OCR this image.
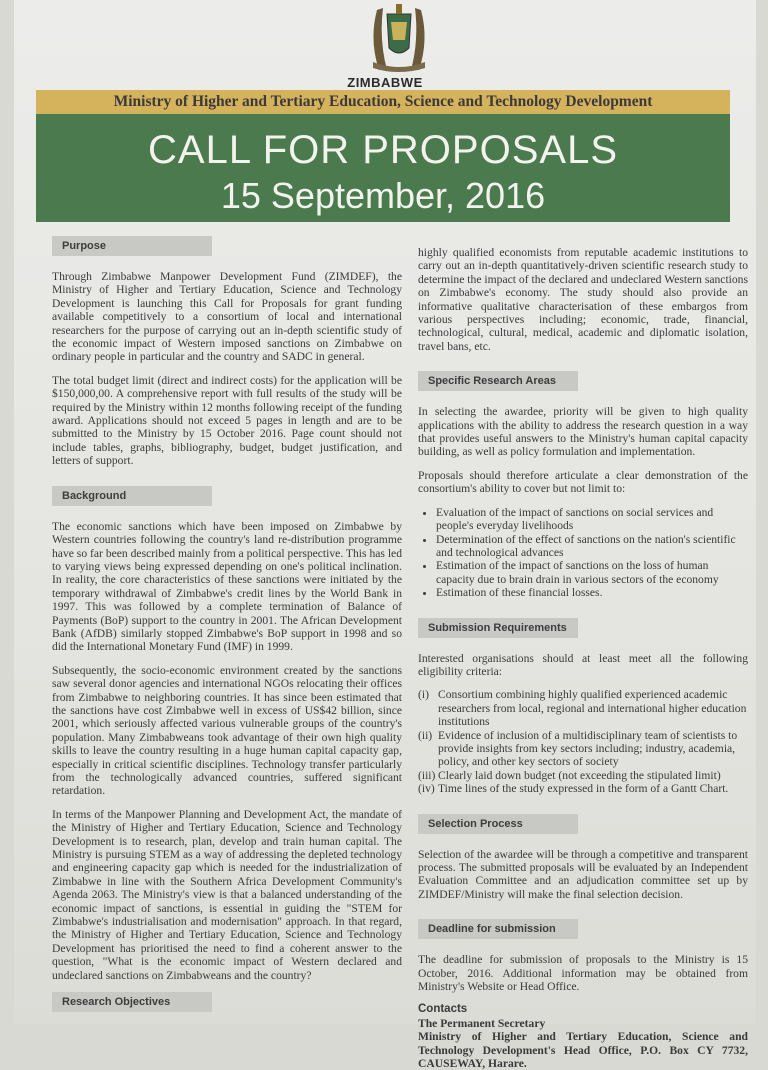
ZIMBABWE
Ministry of Higher and Tertiary Education, Science and Technology Development
CALL FOR PROPOSALS
15 September, 2016
Purpose

Through Zimbabwe Manpower Development Fund (ZIMDEF), the Ministry of Higher and Tertiary Education, Science and Technology Development is launching this Call for Proposals for grant funding available competitively to a consortium of local and international researchers for the purpose of carrying out an in-depth scientific study of the economic impact of Western imposed sanctions on Zimbabwe on ordinary people in particular and the country and SADC in general.

The total budget limit (direct and indirect costs) for the application will be $150,000,00. A comprehensive report with full results of the study will be required by the Ministry within 12 months following receipt of the funding award. Applications should not exceed 5 pages in length and are to be submitted to the Ministry by 15 October 2016. Page count should not include tables, graphs, bibliography, budget, budget justification, and letters of support.

Background

The economic sanctions which have been imposed on Zimbabwe by Western countries following the country's land re-distribution programme have so far been described mainly from a political perspective. This has led to varying views being expressed depending on one's political inclination. In reality, the core characteristics of these sanctions were initiated by the temporary withdrawal of Zimbabwe's credit lines by the World Bank in 1997. This was followed by a complete termination of Balance of Payments (BoP) support to the country in 2001. The African Development Bank (AfDB) similarly stopped Zimbabwe's BoP support in 1998 and so did the International Monetary Fund (IMF) in 1999.

Subsequently, the socio-economic environment created by the sanctions saw several donor agencies and international NGOs relocating their offices from Zimbabwe to neighboring countries. It has since been estimated that the sanctions have cost Zimbabwe well in excess of US$42 billion, since 2001, which seriously affected various vulnerable groups of the country's population. Many Zimbabweans took advantage of their own high quality skills to leave the country resulting in a huge human capital capacity gap, especially in critical scientific disciplines. Technology transfer particularly from the technologically advanced countries, suffered significant retardation.

In terms of the Manpower Planning and Development Act, the mandate of the Ministry of Higher and Tertiary Education, Science and Technology Development is to research, plan, develop and train human capital. The Ministry is pursuing STEM as a way of addressing the depleted technology and engineering capacity gap which is needed for the industrialization of Zimbabwe in line with the Southern Africa Development Community's Agenda 2063. The Ministry's view is that a balanced understanding of the economic impact of sanctions, is essential in guiding the "STEM for Zimbabwe's industrialisation and modernisation" approach. In that regard, the Ministry of Higher and Tertiary Education, Science and Technology Development has prioritised the need to find a coherent answer to the question, "What is the economic impact of Western declared and undeclared sanctions on Zimbabweans and the country?

Research Objectives

highly qualified economists from reputable academic institutions to carry out an in-depth quantitatively-driven scientific research study to determine the impact of the declared and undeclared Western sanctions on Zimbabwe's economy. The study should also provide an informative qualitative characterisation of these embargos from various perspectives including; economic, trade, financial, technological, cultural, medical, academic and diplomatic isolation, travel bans, etc.

Specific Research Areas

In selecting the awardee, priority will be given to high quality applications with the ability to address the research question in a way that provides useful answers to the Ministry's human capital capacity building, as well as policy formulation and implementation.

Proposals should therefore articulate a clear demonstration of the consortium's ability to cover but not limit to:

• Evaluation of the impact of sanctions on social services and people's everyday livelihoods
• Determination of the effect of sanctions on the nation's scientific and technological advances
• Estimation of the impact of sanctions on the loss of human capacity due to brain drain in various sectors of the economy
• Estimation of these financial losses.
Submission Requirements

Interested organisations should at least meet all the following eligibility criteria:

(i) Consortium combining highly qualified experienced academic researchers from local, regional and international higher education institutions
(ii) Evidence of inclusion of a multidisciplinary team of scientists to provide insights from key sectors including; industry, academia, policy, and other key sectors of society
(iii) Clearly laid down budget (not exceeding the stipulated limit)
(iv) Time lines of the study expressed in the form of a Gantt Chart.
Selection Process

Selection of the awardee will be through a competitive and transparent process. The submitted proposals will be evaluated by an Independent Evaluation Committee and an adjudication committee set up by ZIMDEF/Ministry will make the final selection decision.

Deadline for submission

The deadline for submission of proposals to the Ministry is 15 October, 2016. Additional information may be obtained from Ministry's Website or Head Office.

Contacts
The Permanent Secretary

Ministry of Higher and Tertiary Education, Science and Technology Development's Head Office, P.O. Box CY 7732, CAUSEWAY, Harare.
